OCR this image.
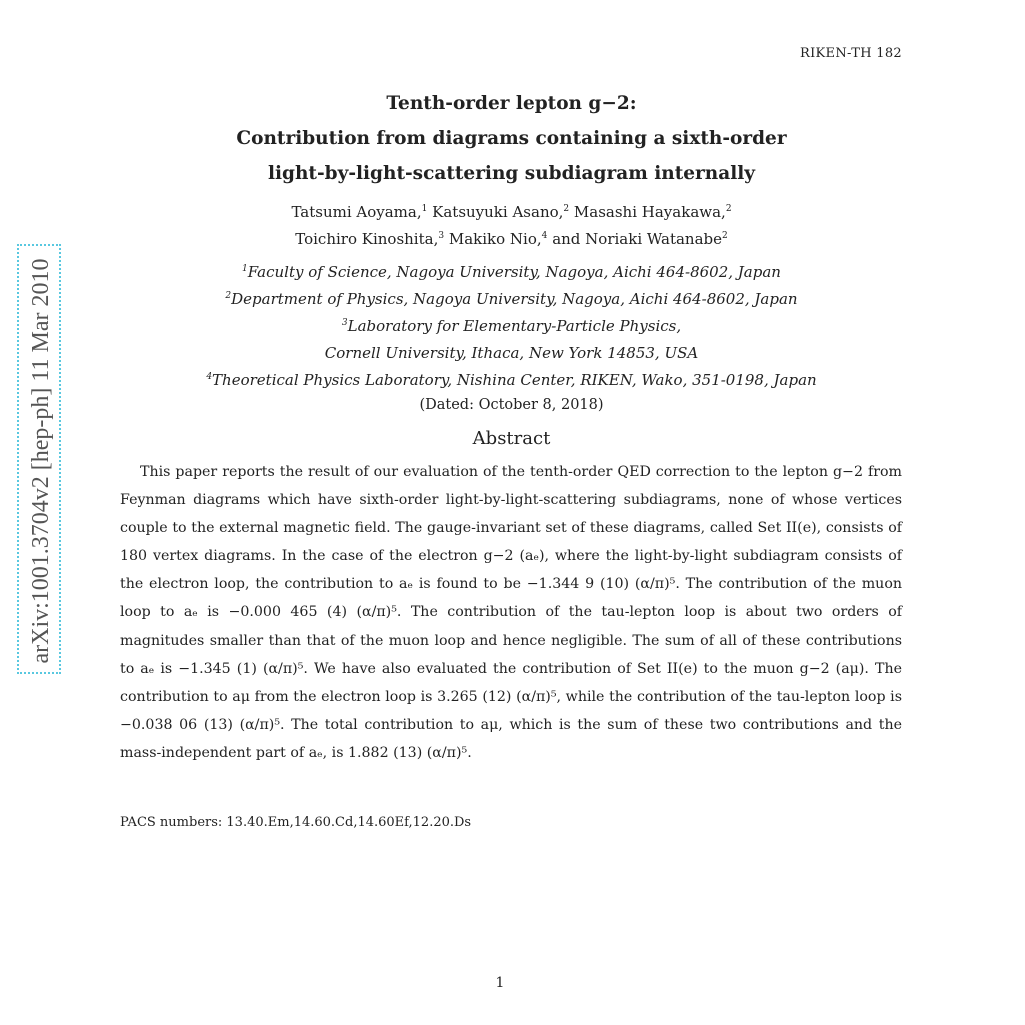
RIKEN-TH 182
arXiv:1001.3704v2 [hep-ph] 11 Mar 2010
Tenth-order lepton g−2:
Contribution from diagrams containing a sixth-order
light-by-light-scattering subdiagram internally
Tatsumi Aoyama,$^1$ Katsuyuki Asano,$^2$ Masashi Hayakawa,$^2$
Toichiro Kinoshita,$^3$ Makiko Nio,$^4$ and Noriaki Watanabe$^2$
$^1$Faculty of Science, Nagoya University, Nagoya, Aichi 464-8602, Japan
$^2$Department of Physics, Nagoya University, Nagoya, Aichi 464-8602, Japan
$^3$Laboratory for Elementary-Particle Physics,
Cornell University, Ithaca, New York 14853, USA
$^4$Theoretical Physics Laboratory, Nishina Center, RIKEN, Wako, 351-0198, Japan
(Dated: October 8, 2018)
Abstract

This paper reports the result of our evaluation of the tenth-order QED correction to the lepton g−2 from Feynman diagrams which have sixth-order light-by-light-scattering subdiagrams, none of whose vertices couple to the external magnetic field. The gauge-invariant set of these diagrams, called Set II(e), consists of 180 vertex diagrams. In the case of the electron g−2 (aₑ), where the light-by-light subdiagram consists of the electron loop, the contribution to aₑ is found to be −1.344 9 (10) (α/π)⁵. The contribution of the muon loop to aₑ is −0.000 465 (4) (α/π)⁵. The contribution of the tau-lepton loop is about two orders of magnitudes smaller than that of the muon loop and hence negligible. The sum of all of these contributions to aₑ is −1.345 (1) (α/π)⁵. We have also evaluated the contribution of Set II(e) to the muon g−2 (aμ). The contribution to aμ from the electron loop is 3.265 (12) (α/π)⁵, while the contribution of the tau-lepton loop is −0.038 06 (13) (α/π)⁵. The total contribution to aμ, which is the sum of these two contributions and the mass-independent part of aₑ, is 1.882 (13) (α/π)⁵.

PACS numbers: 13.40.Em,14.60.Cd,14.60Ef,12.20.Ds
1
